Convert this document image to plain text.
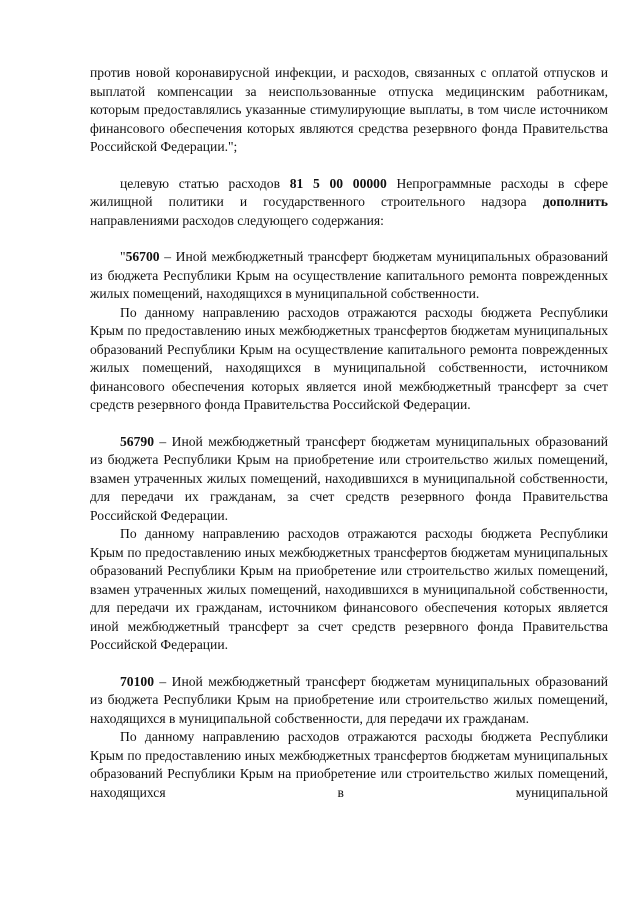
против новой коронавирусной инфекции, и расходов, связанных с оплатой отпусков и выплатой компенсации за неиспользованные отпуска медицинским работникам, которым предоставлялись указанные стимулирующие выплаты, в том числе источником финансового обеспечения которых являются средства резервного фонда Правительства Российской Федерации.";

целевую статью расходов 81 5 00 00000 Непрограммные расходы в сфере жилищной политики и государственного строительного надзора дополнить направлениями расходов следующего содержания:

"56700 – Иной межбюджетный трансферт бюджетам муниципальных образований из бюджета Республики Крым на осуществление капитального ремонта поврежденных жилых помещений, находящихся в муниципальной собственности.

По данному направлению расходов отражаются расходы бюджета Республики Крым по предоставлению иных межбюджетных трансфертов бюджетам муниципальных образований Республики Крым на осуществление капитального ремонта поврежденных жилых помещений, находящихся в муниципальной собственности, источником финансового обеспечения которых является иной межбюджетный трансферт за счет средств резервного фонда Правительства Российской Федерации.

56790 – Иной межбюджетный трансферт бюджетам муниципальных образований из бюджета Республики Крым на приобретение или строительство жилых помещений, взамен утраченных жилых помещений, находившихся в муниципальной собственности, для передачи их гражданам, за счет средств резервного фонда Правительства Российской Федерации.

По данному направлению расходов отражаются расходы бюджета Республики Крым по предоставлению иных межбюджетных трансфертов бюджетам муниципальных образований Республики Крым на приобретение или строительство жилых помещений, взамен утраченных жилых помещений, находившихся в муниципальной собственности, для передачи их гражданам, источником финансового обеспечения которых является иной межбюджетный трансферт за счет средств резервного фонда Правительства Российской Федерации.

70100 – Иной межбюджетный трансферт бюджетам муниципальных образований из бюджета Республики Крым на приобретение или строительство жилых помещений, находящихся в муниципальной собственности, для передачи их гражданам.

По данному направлению расходов отражаются расходы бюджета Республики Крым по предоставлению иных межбюджетных трансфертов бюджетам муниципальных образований Республики Крым на приобретение или строительство жилых помещений, находящихся в муниципальной
